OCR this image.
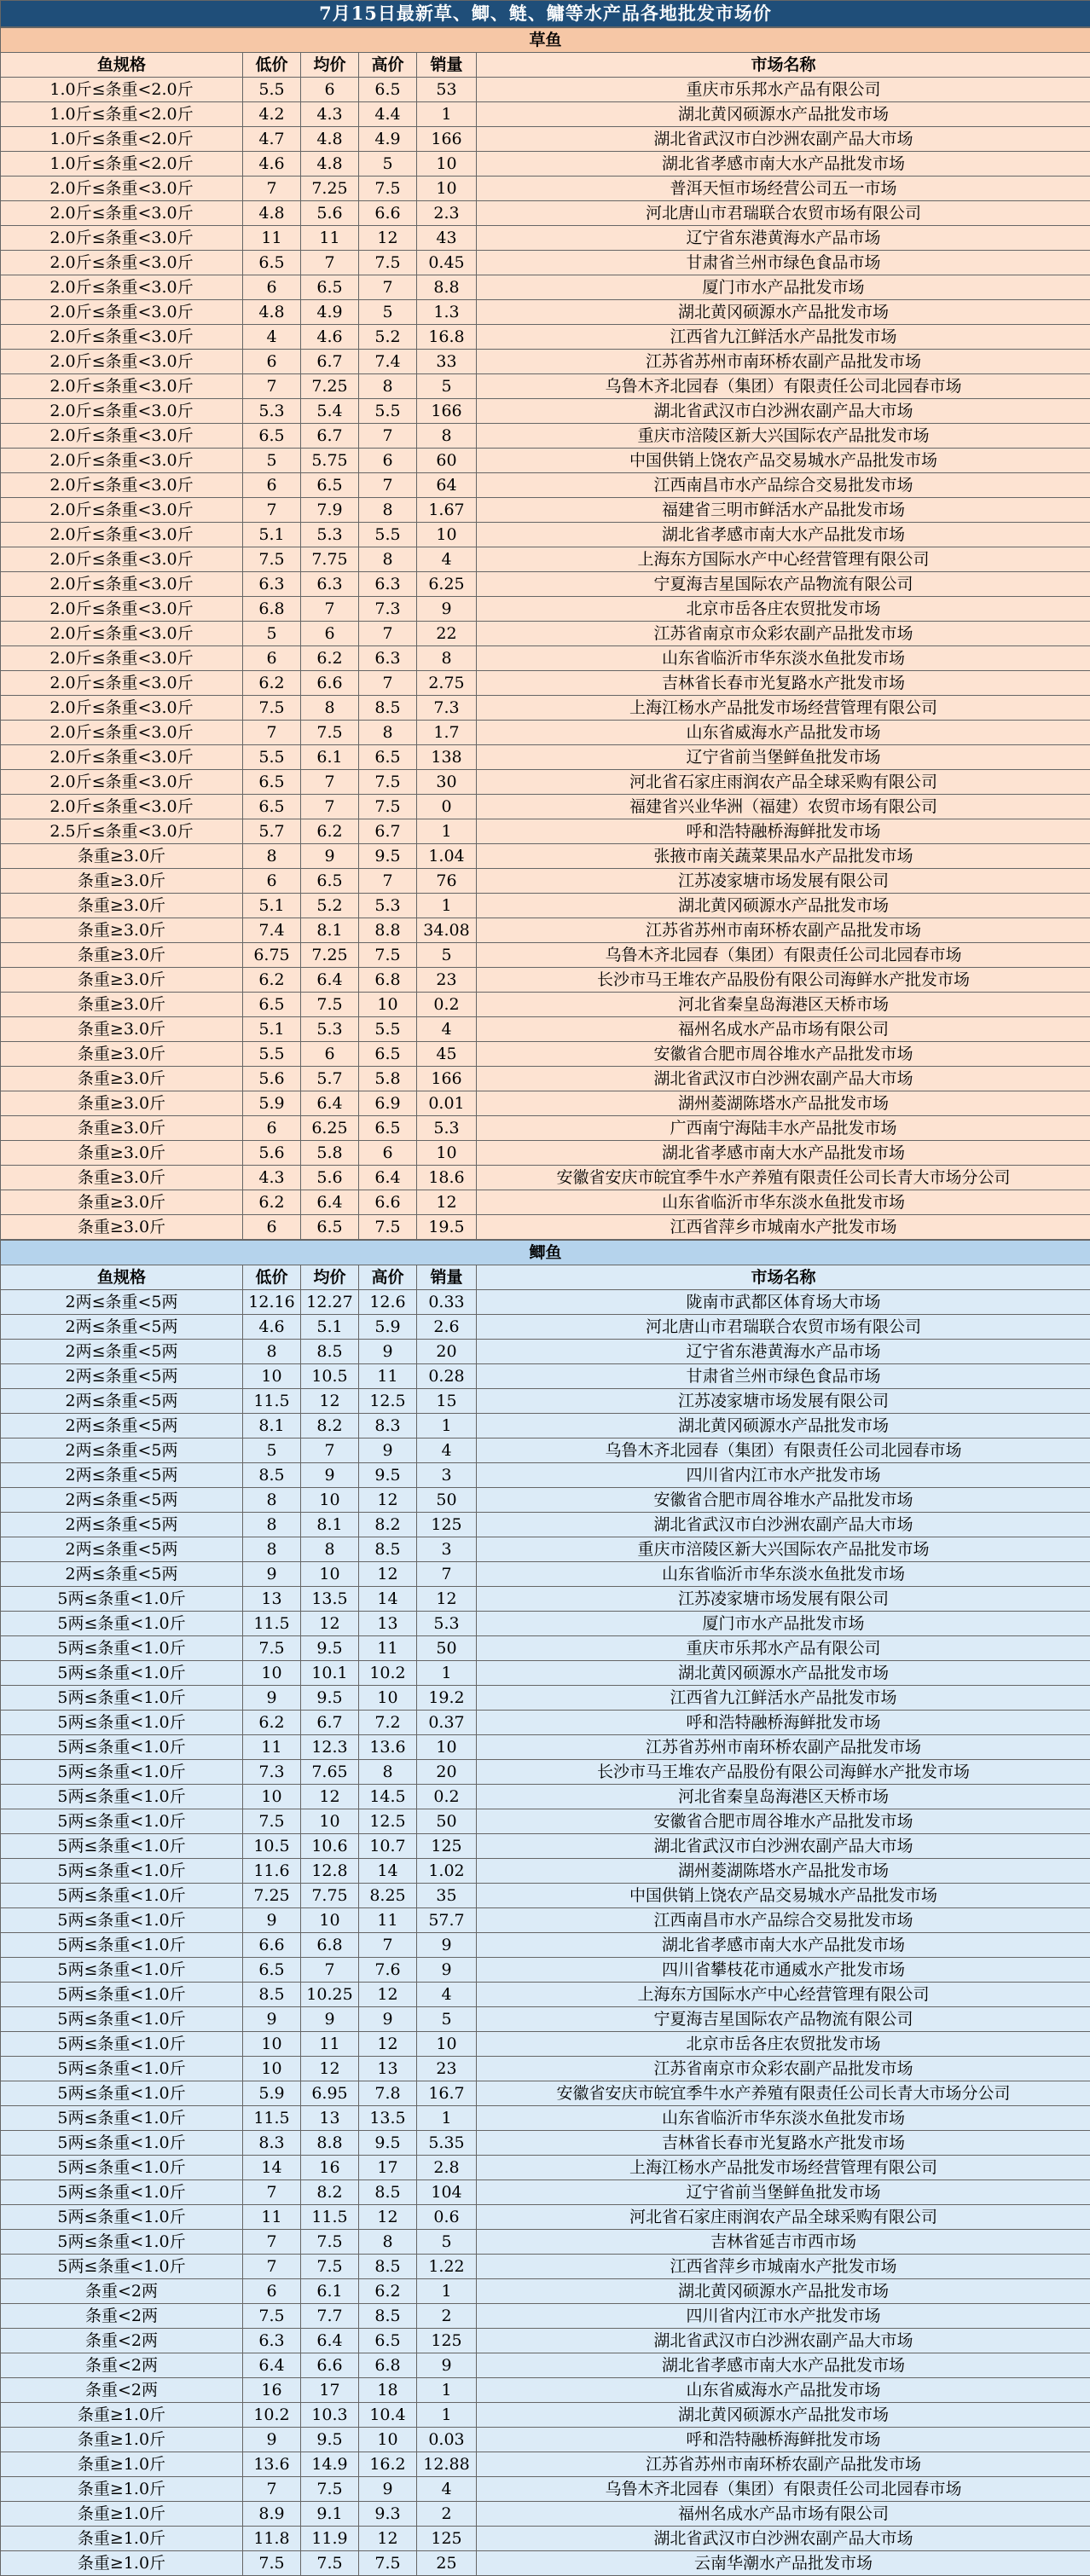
7月15日最新草、鲫、鲢、鳙等水产品各地批发市场价
草鱼					
鱼规格	低价	均价	高价	销量	市场名称
1.0斤≤条重<2.0斤	5.5	6	6.5	53	重庆市乐邦水产品有限公司
1.0斤≤条重<2.0斤	4.2	4.3	4.4	1	湖北黄冈硕源水产品批发市场
1.0斤≤条重<2.0斤	4.7	4.8	4.9	166	湖北省武汉市白沙洲农副产品大市场
1.0斤≤条重<2.0斤	4.6	4.8	5	10	湖北省孝感市南大水产品批发市场
2.0斤≤条重<3.0斤	7	7.25	7.5	10	普洱天恒市场经营公司五一市场
2.0斤≤条重<3.0斤	4.8	5.6	6.6	2.3	河北唐山市君瑞联合农贸市场有限公司
2.0斤≤条重<3.0斤	11	11	12	43	辽宁省东港黄海水产品市场
2.0斤≤条重<3.0斤	6.5	7	7.5	0.45	甘肃省兰州市绿色食品市场
2.0斤≤条重<3.0斤	6	6.5	7	8.8	厦门市水产品批发市场
2.0斤≤条重<3.0斤	4.8	4.9	5	1.3	湖北黄冈硕源水产品批发市场
2.0斤≤条重<3.0斤	4	4.6	5.2	16.8	江西省九江鲜活水产品批发市场
2.0斤≤条重<3.0斤	6	6.7	7.4	33	江苏省苏州市南环桥农副产品批发市场
2.0斤≤条重<3.0斤	7	7.25	8	5	乌鲁木齐北园春（集团）有限责任公司北园春市场
2.0斤≤条重<3.0斤	5.3	5.4	5.5	166	湖北省武汉市白沙洲农副产品大市场
2.0斤≤条重<3.0斤	6.5	6.7	7	8	重庆市涪陵区新大兴国际农产品批发市场
2.0斤≤条重<3.0斤	5	5.75	6	60	中国供销上饶农产品交易城水产品批发市场
2.0斤≤条重<3.0斤	6	6.5	7	64	江西南昌市水产品综合交易批发市场
2.0斤≤条重<3.0斤	7	7.9	8	1.67	福建省三明市鲜活水产品批发市场
2.0斤≤条重<3.0斤	5.1	5.3	5.5	10	湖北省孝感市南大水产品批发市场
2.0斤≤条重<3.0斤	7.5	7.75	8	4	上海东方国际水产中心经营管理有限公司
2.0斤≤条重<3.0斤	6.3	6.3	6.3	6.25	宁夏海吉星国际农产品物流有限公司
2.0斤≤条重<3.0斤	6.8	7	7.3	9	北京市岳各庄农贸批发市场
2.0斤≤条重<3.0斤	5	6	7	22	江苏省南京市众彩农副产品批发市场
2.0斤≤条重<3.0斤	6	6.2	6.3	8	山东省临沂市华东淡水鱼批发市场
2.0斤≤条重<3.0斤	6.2	6.6	7	2.75	吉林省长春市光复路水产批发市场
2.0斤≤条重<3.0斤	7.5	8	8.5	7.3	上海江杨水产品批发市场经营管理有限公司
2.0斤≤条重<3.0斤	7	7.5	8	1.7	山东省威海水产品批发市场
2.0斤≤条重<3.0斤	5.5	6.1	6.5	138	辽宁省前当堡鲜鱼批发市场
2.0斤≤条重<3.0斤	6.5	7	7.5	30	河北省石家庄雨润农产品全球采购有限公司
2.0斤≤条重<3.0斤	6.5	7	7.5	0	福建省兴业华洲（福建）农贸市场有限公司
2.5斤≤条重<3.0斤	5.7	6.2	6.7	1	呼和浩特融桥海鲜批发市场
条重≥3.0斤	8	9	9.5	1.04	张掖市南关蔬菜果品水产品批发市场
条重≥3.0斤	6	6.5	7	76	江苏凌家塘市场发展有限公司
条重≥3.0斤	5.1	5.2	5.3	1	湖北黄冈硕源水产品批发市场
条重≥3.0斤	7.4	8.1	8.8	34.08	江苏省苏州市南环桥农副产品批发市场
条重≥3.0斤	6.75	7.25	7.5	5	乌鲁木齐北园春（集团）有限责任公司北园春市场
条重≥3.0斤	6.2	6.4	6.8	23	长沙市马王堆农产品股份有限公司海鲜水产批发市场
条重≥3.0斤	6.5	7.5	10	0.2	河北省秦皇岛海港区天桥市场
条重≥3.0斤	5.1	5.3	5.5	4	福州名成水产品市场有限公司
条重≥3.0斤	5.5	6	6.5	45	安徽省合肥市周谷堆水产品批发市场
条重≥3.0斤	5.6	5.7	5.8	166	湖北省武汉市白沙洲农副产品大市场
条重≥3.0斤	5.9	6.4	6.9	0.01	湖州菱湖陈塔水产品批发市场
条重≥3.0斤	6	6.25	6.5	5.3	广西南宁海陆丰水产品批发市场
条重≥3.0斤	5.6	5.8	6	10	湖北省孝感市南大水产品批发市场
条重≥3.0斤	4.3	5.6	6.4	18.6	安徽省安庆市皖宜季牛水产养殖有限责任公司长青大市场分公司
条重≥3.0斤	6.2	6.4	6.6	12	山东省临沂市华东淡水鱼批发市场
条重≥3.0斤	6	6.5	7.5	19.5	江西省萍乡市城南水产批发市场
鲫鱼					
鱼规格	低价	均价	高价	销量	市场名称
2两≤条重<5两	12.16	12.27	12.6	0.33	陇南市武都区体育场大市场
2两≤条重<5两	4.6	5.1	5.9	2.6	河北唐山市君瑞联合农贸市场有限公司
2两≤条重<5两	8	8.5	9	20	辽宁省东港黄海水产品市场
2两≤条重<5两	10	10.5	11	0.28	甘肃省兰州市绿色食品市场
2两≤条重<5两	11.5	12	12.5	15	江苏凌家塘市场发展有限公司
2两≤条重<5两	8.1	8.2	8.3	1	湖北黄冈硕源水产品批发市场
2两≤条重<5两	5	7	9	4	乌鲁木齐北园春（集团）有限责任公司北园春市场
2两≤条重<5两	8.5	9	9.5	3	四川省内江市水产批发市场
2两≤条重<5两	8	10	12	50	安徽省合肥市周谷堆水产品批发市场
2两≤条重<5两	8	8.1	8.2	125	湖北省武汉市白沙洲农副产品大市场
2两≤条重<5两	8	8	8.5	3	重庆市涪陵区新大兴国际农产品批发市场
2两≤条重<5两	9	10	12	7	山东省临沂市华东淡水鱼批发市场
5两≤条重<1.0斤	13	13.5	14	12	江苏凌家塘市场发展有限公司
5两≤条重<1.0斤	11.5	12	13	5.3	厦门市水产品批发市场
5两≤条重<1.0斤	7.5	9.5	11	50	重庆市乐邦水产品有限公司
5两≤条重<1.0斤	10	10.1	10.2	1	湖北黄冈硕源水产品批发市场
5两≤条重<1.0斤	9	9.5	10	19.2	江西省九江鲜活水产品批发市场
5两≤条重<1.0斤	6.2	6.7	7.2	0.37	呼和浩特融桥海鲜批发市场
5两≤条重<1.0斤	11	12.3	13.6	10	江苏省苏州市南环桥农副产品批发市场
5两≤条重<1.0斤	7.3	7.65	8	20	长沙市马王堆农产品股份有限公司海鲜水产批发市场
5两≤条重<1.0斤	10	12	14.5	0.2	河北省秦皇岛海港区天桥市场
5两≤条重<1.0斤	7.5	10	12.5	50	安徽省合肥市周谷堆水产品批发市场
5两≤条重<1.0斤	10.5	10.6	10.7	125	湖北省武汉市白沙洲农副产品大市场
5两≤条重<1.0斤	11.6	12.8	14	1.02	湖州菱湖陈塔水产品批发市场
5两≤条重<1.0斤	7.25	7.75	8.25	35	中国供销上饶农产品交易城水产品批发市场
5两≤条重<1.0斤	9	10	11	57.7	江西南昌市水产品综合交易批发市场
5两≤条重<1.0斤	6.6	6.8	7	9	湖北省孝感市南大水产品批发市场
5两≤条重<1.0斤	6.5	7	7.6	9	四川省攀枝花市通威水产批发市场
5两≤条重<1.0斤	8.5	10.25	12	4	上海东方国际水产中心经营管理有限公司
5两≤条重<1.0斤	9	9	9	5	宁夏海吉星国际农产品物流有限公司
5两≤条重<1.0斤	10	11	12	10	北京市岳各庄农贸批发市场
5两≤条重<1.0斤	10	12	13	23	江苏省南京市众彩农副产品批发市场
5两≤条重<1.0斤	5.9	6.95	7.8	16.7	安徽省安庆市皖宜季牛水产养殖有限责任公司长青大市场分公司
5两≤条重<1.0斤	11.5	13	13.5	1	山东省临沂市华东淡水鱼批发市场
5两≤条重<1.0斤	8.3	8.8	9.5	5.35	吉林省长春市光复路水产批发市场
5两≤条重<1.0斤	14	16	17	2.8	上海江杨水产品批发市场经营管理有限公司
5两≤条重<1.0斤	7	8.2	8.5	104	辽宁省前当堡鲜鱼批发市场
5两≤条重<1.0斤	11	11.5	12	0.6	河北省石家庄雨润农产品全球采购有限公司
5两≤条重<1.0斤	7	7.5	8	5	吉林省延吉市西市场
5两≤条重<1.0斤	7	7.5	8.5	1.22	江西省萍乡市城南水产批发市场
条重<2两	6	6.1	6.2	1	湖北黄冈硕源水产品批发市场
条重<2两	7.5	7.7	8.5	2	四川省内江市水产批发市场
条重<2两	6.3	6.4	6.5	125	湖北省武汉市白沙洲农副产品大市场
条重<2两	6.4	6.6	6.8	9	湖北省孝感市南大水产品批发市场
条重<2两	16	17	18	1	山东省威海水产品批发市场
条重≥1.0斤	10.2	10.3	10.4	1	湖北黄冈硕源水产品批发市场
条重≥1.0斤	9	9.5	10	0.03	呼和浩特融桥海鲜批发市场
条重≥1.0斤	13.6	14.9	16.2	12.88	江苏省苏州市南环桥农副产品批发市场
条重≥1.0斤	7	7.5	9	4	乌鲁木齐北园春（集团）有限责任公司北园春市场
条重≥1.0斤	8.9	9.1	9.3	2	福州名成水产品市场有限公司
条重≥1.0斤	11.8	11.9	12	125	湖北省武汉市白沙洲农副产品大市场
条重≥1.0斤	7.5	7.5	7.5	25	云南华潮水产品批发市场
